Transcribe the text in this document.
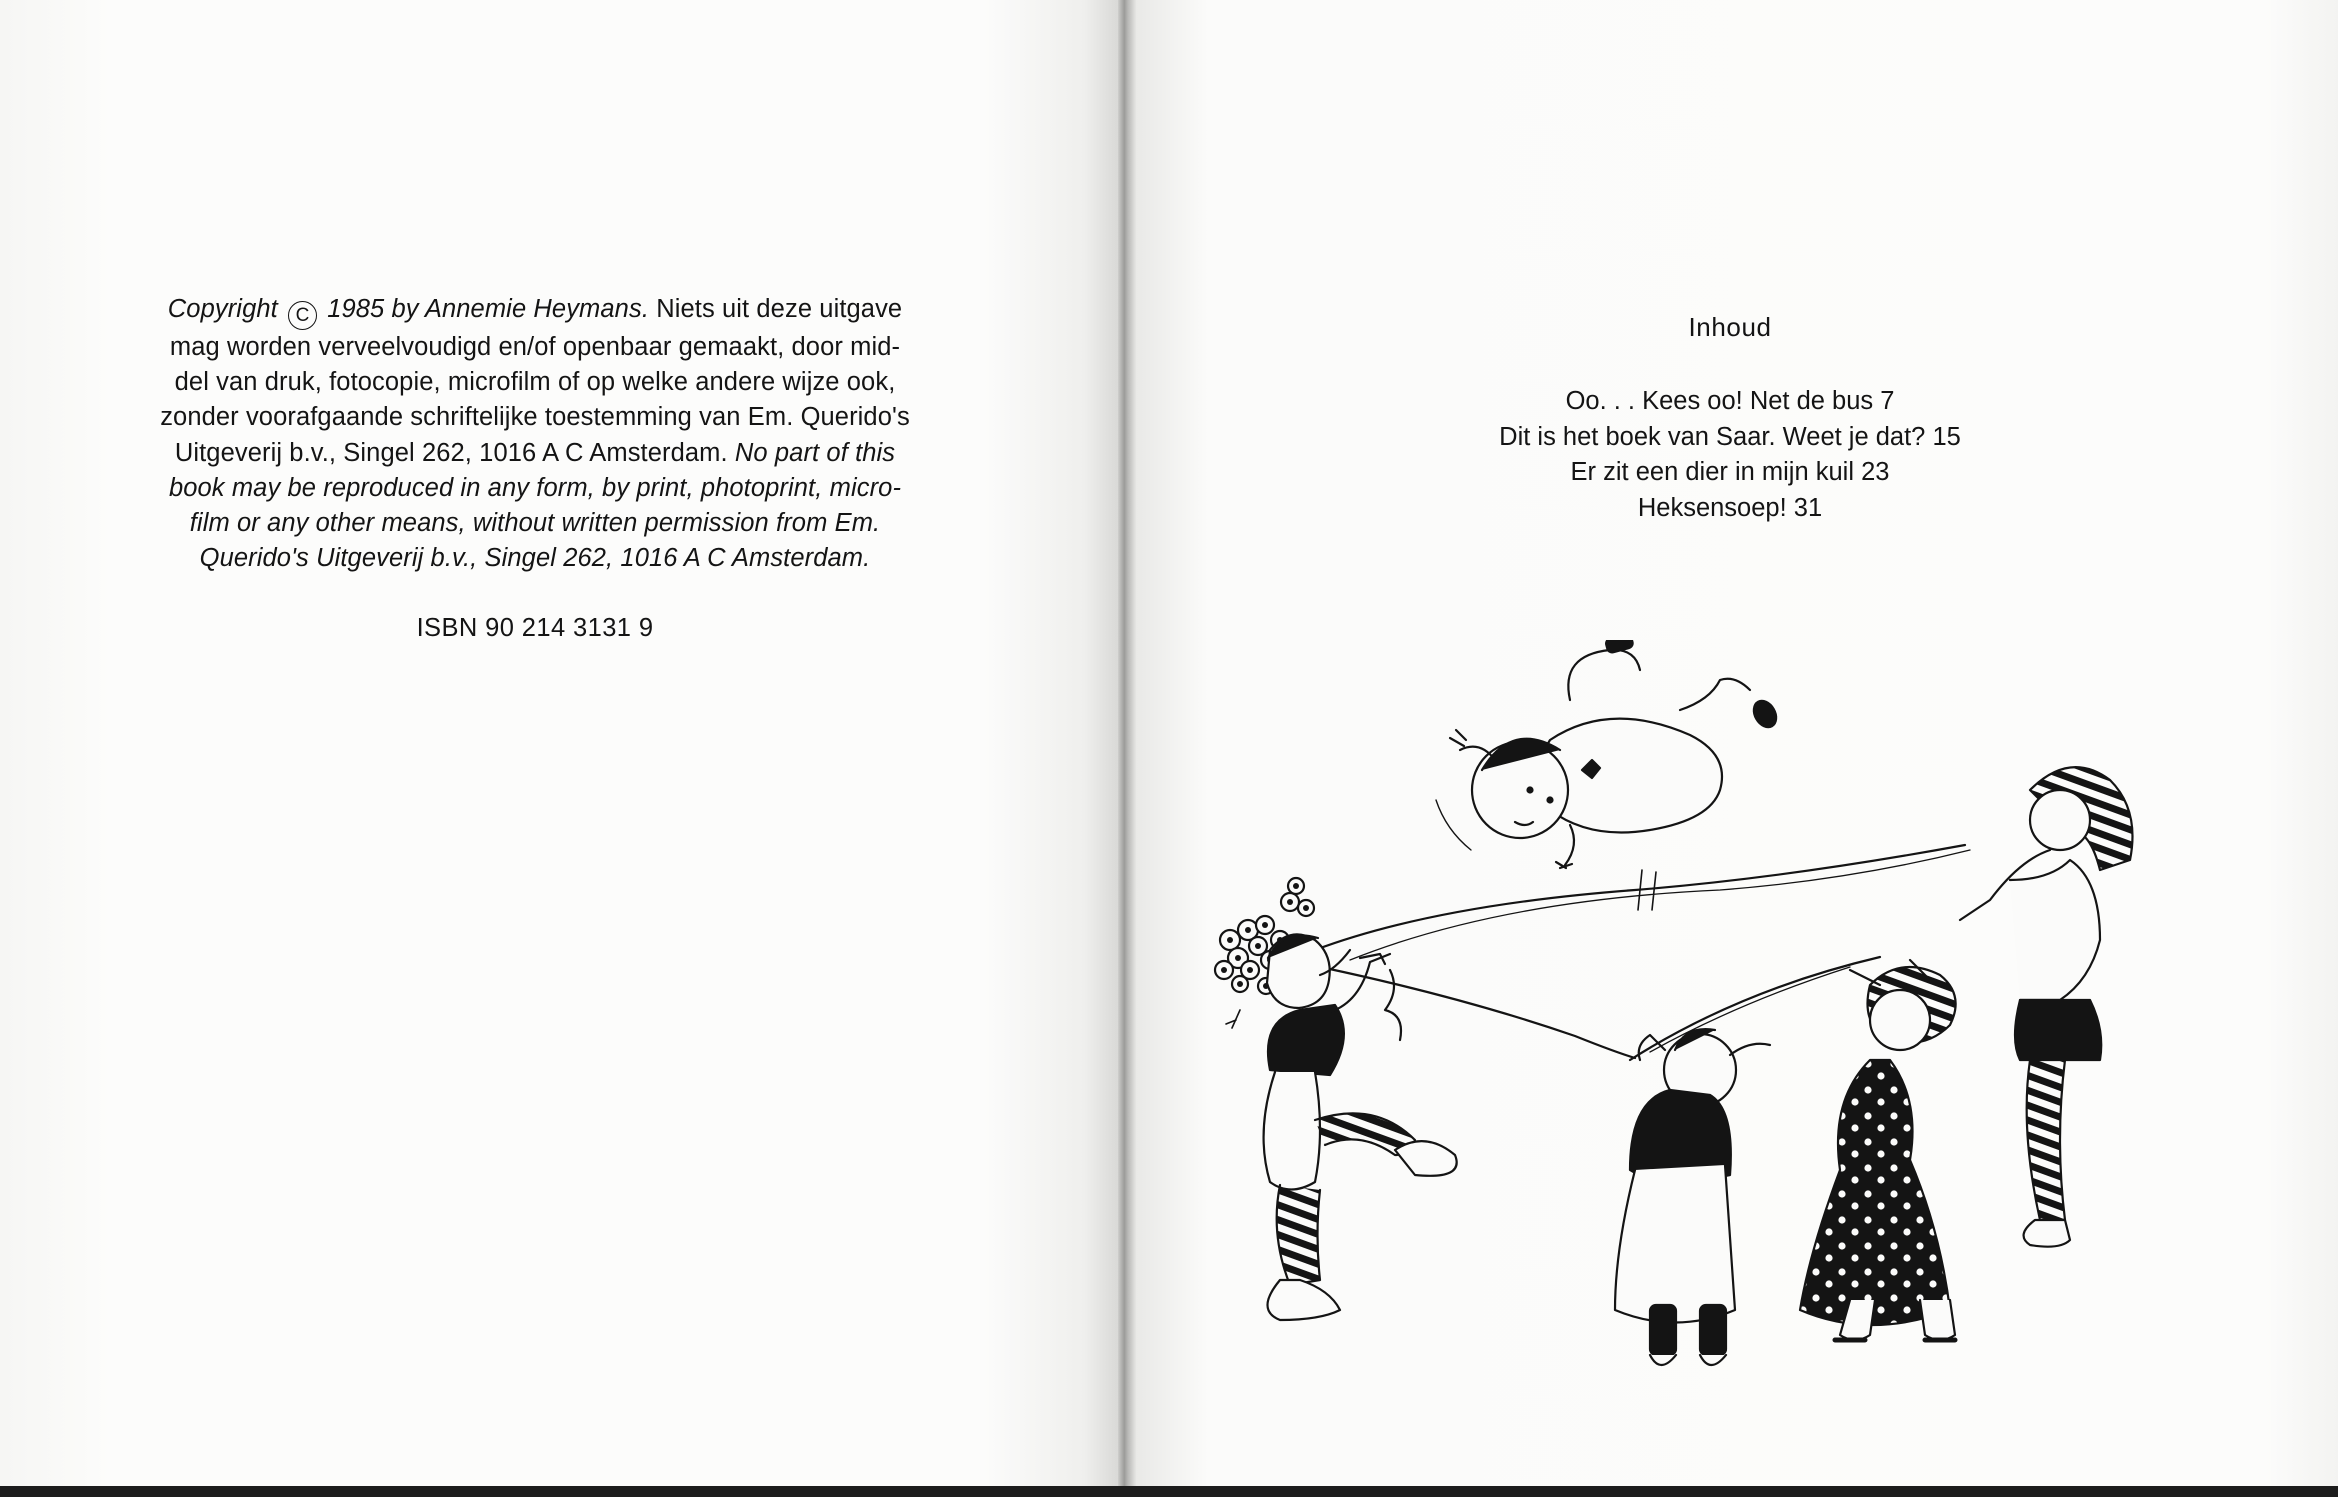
Copyright C 1985 by Annemie Heymans. Niets uit deze uitgave
mag worden verveelvoudigd en/of openbaar gemaakt, door mid-
del van druk, fotocopie, microfilm of op welke andere wijze ook,
zonder voorafgaande schriftelijke toestemming van Em. Querido's
Uitgeverij b.v., Singel 262, 1016 A C Amsterdam. No part of this
book may be reproduced in any form, by print, photoprint, micro-
film or any other means, without written permission from Em.
Querido's Uitgeverij b.v., Singel 262, 1016 A C Amsterdam.
ISBN 90 214 3131 9
Inhoud
Oo. . . Kees oo! Net de bus 7
Dit is het boek van Saar. Weet je dat? 15
Er zit een dier in mijn kuil 23
Heksensoep! 31
